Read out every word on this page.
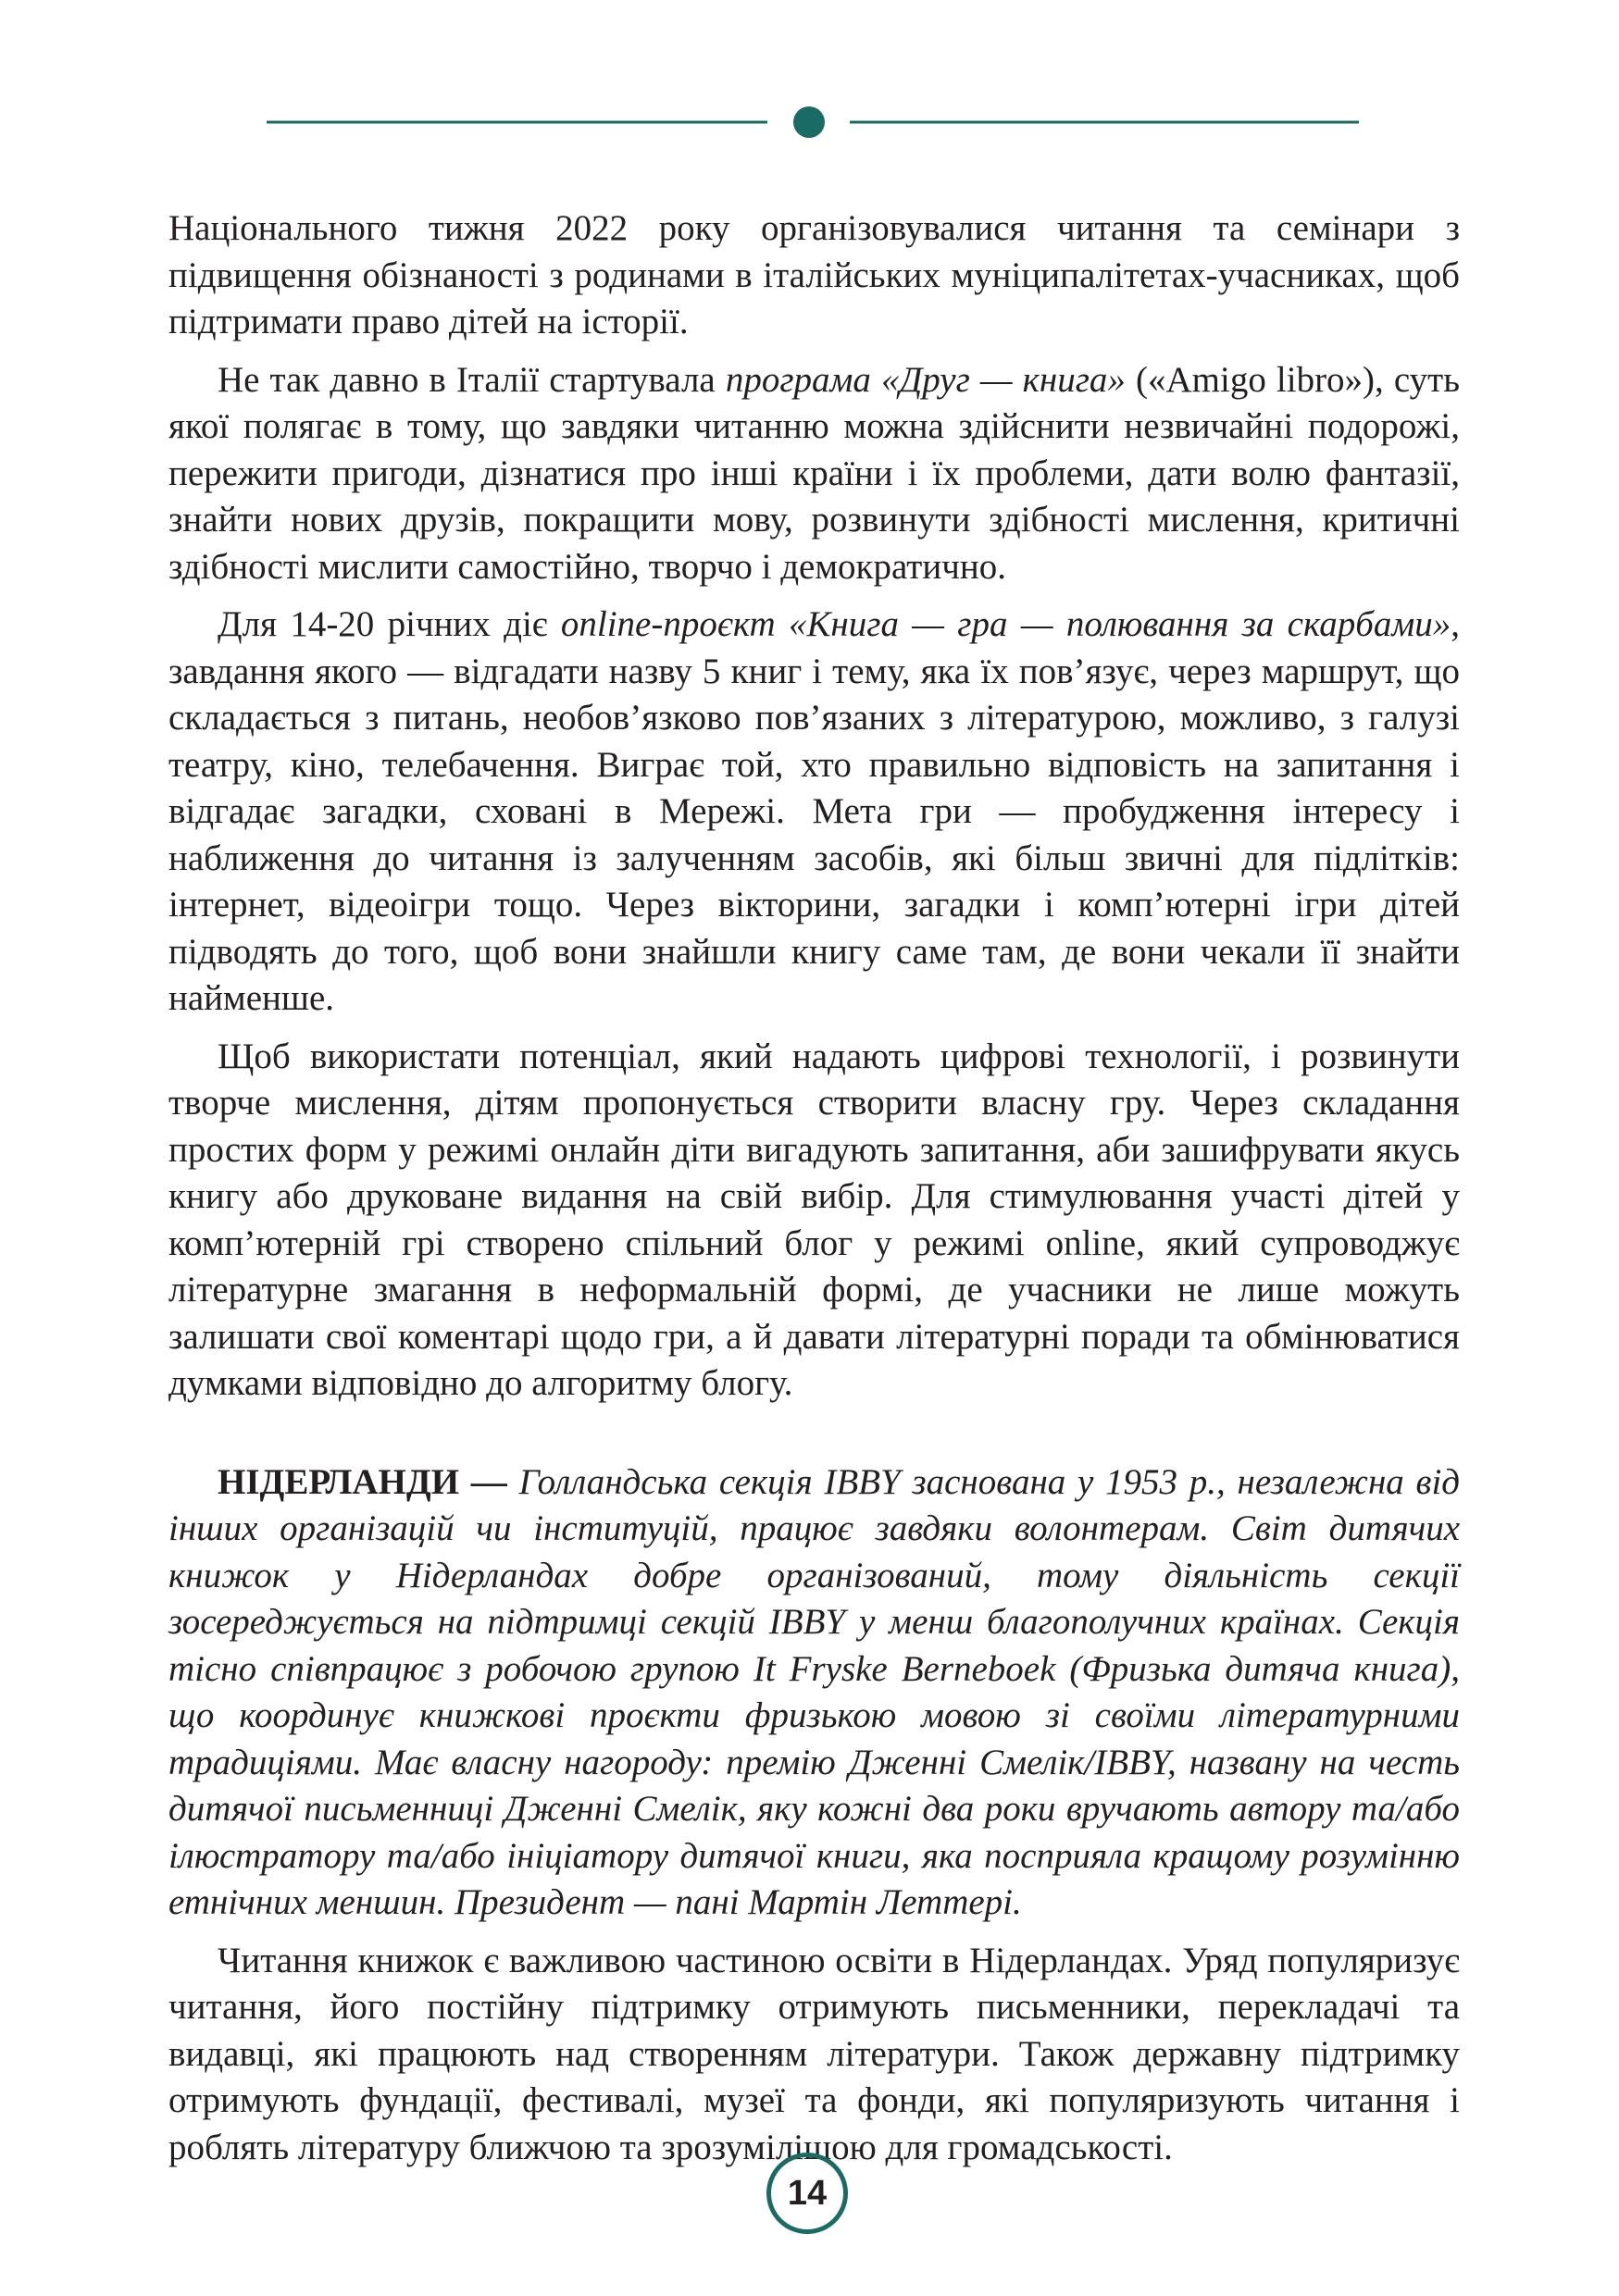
Національного тижня 2022 року організовувалися читання та семінари з підвищення обізнаності з родинами в італійських муніципалітетах-учасниках, щоб підтримати право дітей на історії.

Не так давно в Італії стартувала програма «Друг — книга» («Amigo libro»), суть якої полягає в тому, що завдяки читанню можна здійснити незвичайні подорожі, пережити пригоди, дізнатися про інші країни і їх проблеми, дати волю фантазії, знайти нових друзів, покращити мову, розвинути здібності мислення, критичні здібності мислити самостійно, творчо і демократично.

Для 14-20 річних діє online-проєкт «Книга — гра — полювання за скарбами», завдання якого — відгадати назву 5 книг і тему, яка їх пов’язує, через маршрут, що складається з питань, необов’язково пов’язаних з літературою, можливо, з галузі театру, кіно, телебачення. Виграє той, хто правильно відповість на запитання і відгадає загадки, сховані в Мережі. Мета гри — пробудження інтересу і наближення до читання із залученням засобів, які більш звичні для підлітків: інтернет, відеоігри тощо. Через вікторини, загадки і комп’ютерні ігри дітей підводять до того, щоб вони знайшли книгу саме там, де вони чекали її знайти найменше.

Щоб використати потенціал, який надають цифрові технології, і розвинути творче мислення, дітям пропонується створити власну гру. Через складання простих форм у режимі онлайн діти вигадують запитання, аби зашифрувати якусь книгу або друковане видання на свій вибір. Для стимулювання участі дітей у комп’ютерній грі створено спільний блог у режимі online, який супроводжує літературне змагання в неформальній формі, де учасники не лише можуть залишати свої коментарі щодо гри, а й давати літературні поради та обмінюватися думками відповідно до алгоритму блогу.

НІДЕРЛАНДИ — Голландська секція IBBY заснована у 1953 р., незалежна від інших організацій чи інституцій, працює завдяки волонтерам. Світ дитячих книжок у Нідерландах добре організований, тому діяльність секції зосереджується на підтримці секцій IBBY у менш благополучних країнах. Секція тісно співпрацює з робочою групою It Fryske Berneboek (Фризька дитяча книга), що координує книжкові проєкти фризькою мовою зі своїми літературними традиціями. Має власну нагороду: премію Дженні Смелік/IBBY, названу на честь дитячої письменниці Дженні Смелік, яку кожні два роки вручають автору та/або ілюстратору та/або ініціатору дитячої книги, яка посприяла кращому розумінню етнічних меншин. Президент — пані Мартін Леттері.

Читання книжок є важливою частиною освіти в Нідерландах. Уряд популяризує читання, його постійну підтримку отримують письменники, перекладачі та видавці, які працюють над створенням літератури. Також державну підтримку отримують фундації, фестивалі, музеї та фонди, які популяризують читання і роблять літературу ближчою та зрозумілішою для громадськості.

14
